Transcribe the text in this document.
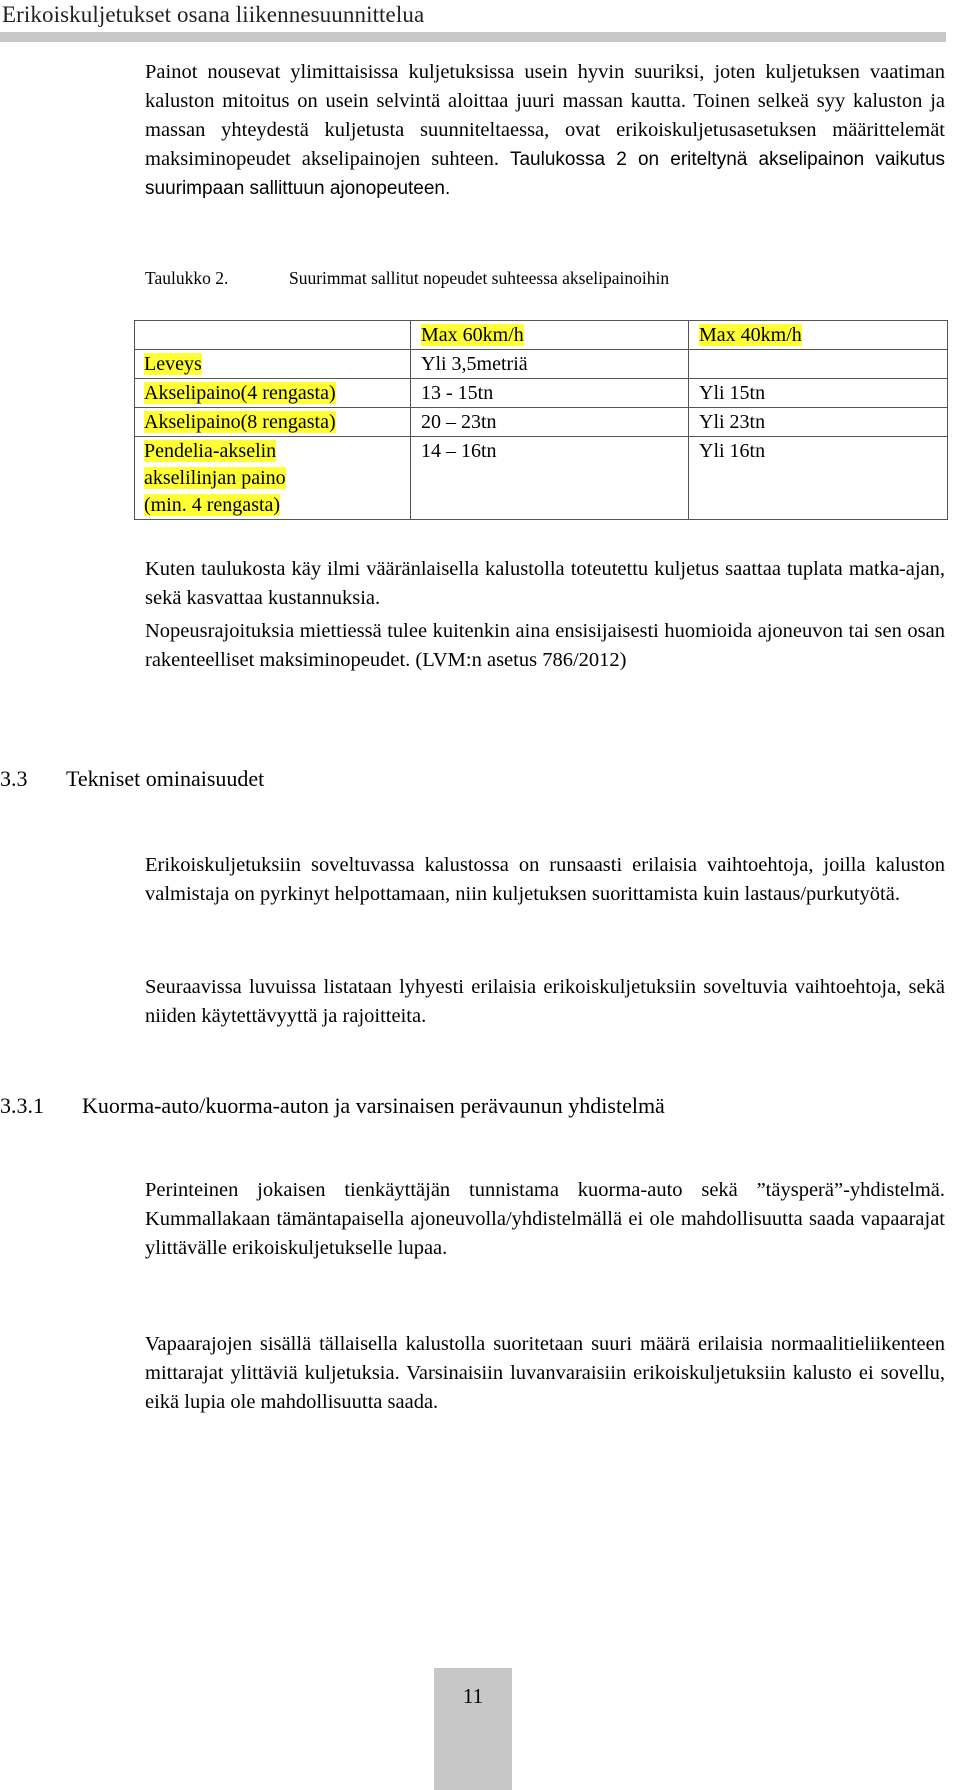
Erikoiskuljetukset osana liikennesuunnittelua

Painot nousevat ylimittaisissa kuljetuksissa usein hyvin suuriksi, joten kuljetuksen vaatiman kaluston mitoitus on usein selvintä aloittaa juuri massan kautta. Toinen selkeä syy kaluston ja massan yhteydestä kuljetusta suunniteltaessa, ovat erikoiskuljetusasetuksen määrittelemät maksiminopeudet akselipainojen suhteen. Taulukossa 2 on eriteltynä akselipainon vaikutus suurimpaan sallittuun ajonopeuteen.

Taulukko 2.	Suurimmat sallitut nopeudet suhteessa akselipainoihin
	Max 60km/h	Max 40km/h
Leveys	Yli 3,5metriä	
Akselipaino(4 rengasta)	13 - 15tn	Yli 15tn
Akselipaino(8 rengasta)	20 – 23tn	Yli 23tn
Pendelia-akselin
akselilinjan paino
(min. 4 rengasta)	14 – 16tn	Yli 16tn

Kuten taulukosta käy ilmi vääränlaisella kalustolla toteutettu kuljetus saattaa tuplata matka-ajan, sekä kasvattaa kustannuksia.

Nopeusrajoituksia miettiessä tulee kuitenkin aina ensisijaisesti huomioida ajoneuvon tai sen osan rakenteelliset maksiminopeudet. (LVM:n asetus 786/2012)

3.3 Tekniset ominaisuudet

Erikoiskuljetuksiin soveltuvassa kalustossa on runsaasti erilaisia vaihtoehtoja, joilla kaluston valmistaja on pyrkinyt helpottamaan, niin kuljetuksen suorittamista kuin lastaus/purkutyötä.

Seuraavissa luvuissa listataan lyhyesti erilaisia erikoiskuljetuksiin soveltuvia vaihtoehtoja, sekä niiden käytettävyyttä ja rajoitteita.

3.3.1 Kuorma-auto/kuorma-auton ja varsinaisen perävaunun yhdistelmä

Perinteinen jokaisen tienkäyttäjän tunnistama kuorma-auto sekä ”täysperä”-yhdistelmä. Kummallakaan tämäntapaisella ajoneuvolla/yhdistelmällä ei ole mahdollisuutta saada vapaarajat ylittävälle erikoiskuljetukselle lupaa.

Vapaarajojen sisällä tällaisella kalustolla suoritetaan suuri määrä erilaisia normaalitieliikenteen mittarajat ylittäviä kuljetuksia. Varsinaisiin luvanvaraisiin erikoiskuljetuksiin kalusto ei sovellu, eikä lupia ole mahdollisuutta saada.

11
